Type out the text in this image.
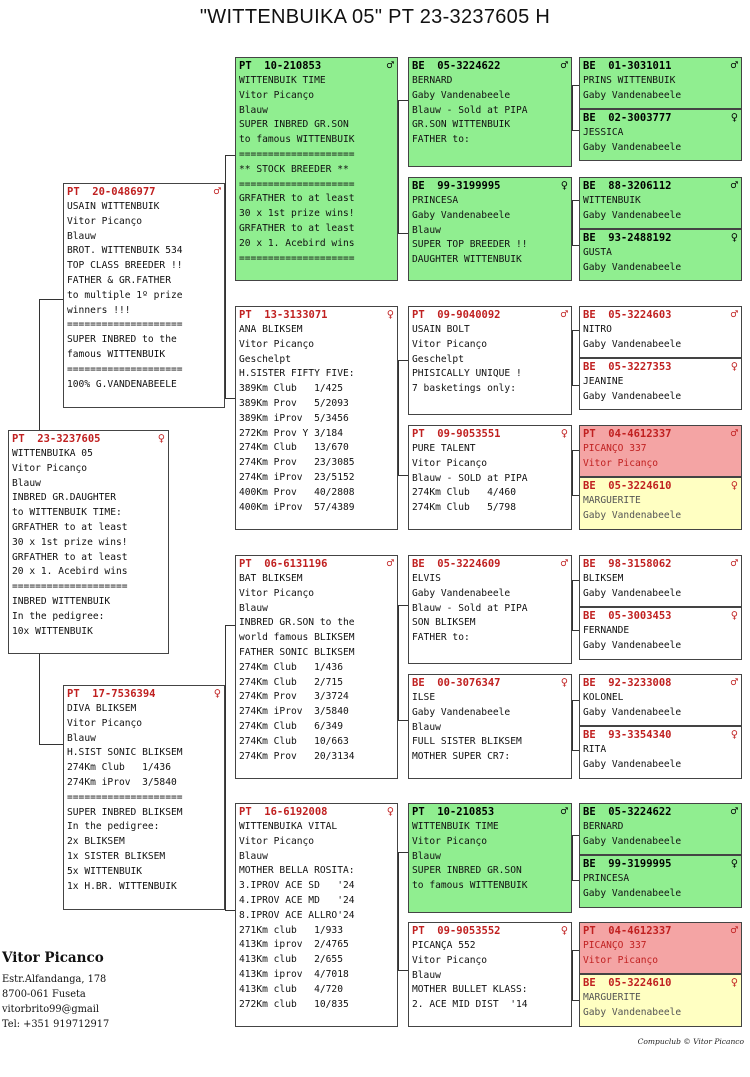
"WITTENBUIKA 05" PT 23-3237605 H
PT  23-3237605	♀
WITTENBUIKA 05
Vitor Picanço
Blauw
INBRED GR.DAUGHTER
to WITTENBUIK TIME:
GRFATHER to at least
30 x 1st prize wins!
GRFATHER to at least
20 x 1. Acebird wins
====================
INBRED WITTENBUIK
In the pedigree:
10x WITTENBUIK
PT  20-0486977	♂
USAIN WITTENBUIK
Vitor Picanço
Blauw
BROT. WITTENBUIK 534
TOP CLASS BREEDER !!
FATHER & GR.FATHER
to multiple 1º prize
winners !!!
====================
SUPER INBRED to the
famous WITTENBUIK
====================
100% G.VANDENABEELE
PT  17-7536394	♀
DIVA BLIKSEM
Vitor Picanço
Blauw
H.SIST SONIC BLIKSEM
274Km Club   1/436
274Km iProv  3/5840
====================
SUPER INBRED BLIKSEM
In the pedigree:
2x BLIKSEM
1x SISTER BLIKSEM
5x WITTENBUIK
1x H.BR. WITTENBUIK
PT  10-210853	♂
WITTENBUIK TIME
Vitor Picanço
Blauw
SUPER INBRED GR.SON
to famous WITTENBUIK
====================
** STOCK BREEDER **
====================
GRFATHER to at least
30 x 1st prize wins!
GRFATHER to at least
20 x 1. Acebird wins
====================
PT  13-3133071	♀
ANA BLIKSEM
Vitor Picanço
Geschelpt
H.SISTER FIFTY FIVE:
389Km Club   1/425
389Km Prov   5/2093
389Km iProv  5/3456
272Km Prov Y 3/184
274Km Club   13/670
274Km Prov   23/3085
274Km iProv  23/5152
400Km Prov   40/2808
400Km iProv  57/4389
PT  06-6131196	♂
BAT BLIKSEM
Vitor Picanço
Blauw
INBRED GR.SON to the
world famous BLIKSEM
FATHER SONIC BLIKSEM
274Km Club   1/436
274Km Club   2/715
274Km Prov   3/3724
274Km iProv  3/5840
274Km Club   6/349
274Km Club   10/663
274Km Prov   20/3134
PT  16-6192008	♀
WITTENBUIKA VITAL
Vitor Picanço
Blauw
MOTHER BELLA ROSITA:
3.IPROV ACE SD   '24
4.IPROV ACE MD   '24
8.IPROV ACE ALLRO'24
271Km club   1/933
413Km iprov  2/4765
413Km club   2/655
413Km iprov  4/7018
413Km club   4/720
272Km club   10/835
BE  05-3224622	♂
BERNARD
Gaby Vandenabeele
Blauw - Sold at PIPA
GR.SON WITTENBUIK
FATHER to:
BE  99-3199995	♀
PRINCESA
Gaby Vandenabeele
Blauw
SUPER TOP BREEDER !!
DAUGHTER WITTENBUIK
PT  09-9040092	♂
USAIN BOLT
Vitor Picanço
Geschelpt
PHISICALLY UNIQUE !
7 basketings only:
PT  09-9053551	♀
PURE TALENT
Vitor Picanço
Blauw - SOLD at PIPA
274Km Club   4/460
274Km Club   5/798
BE  05-3224609	♂
ELVIS
Gaby Vandenabeele
Blauw - Sold at PIPA
SON BLIKSEM
FATHER to:
BE  00-3076347	♀
ILSE
Gaby Vandenabeele
Blauw
FULL SISTER BLIKSEM
MOTHER SUPER CR7:
PT  10-210853	♂
WITTENBUIK TIME
Vitor Picanço
Blauw
SUPER INBRED GR.SON
to famous WITTENBUIK
PT  09-9053552	♀
PICANÇA 552
Vitor Picanço
Blauw
MOTHER BULLET KLASS:
2. ACE MID DIST  '14
BE  01-3031011	♂
PRINS WITTENBUIK
Gaby Vandenabeele
BE  02-3003777	♀
JESSICA
Gaby Vandenabeele
BE  88-3206112	♂
WITTENBUIK
Gaby Vandenabeele
BE  93-2488192	♀
GUSTA
Gaby Vandenabeele
BE  05-3224603	♂
NITRO
Gaby Vandenabeele
BE  05-3227353	♀
JEANINE
Gaby Vandenabeele
PT  04-4612337	♂
PICANÇO 337
Vitor Picanço
BE  05-3224610	♀
MARGUERITE
Gaby Vandenabeele
BE  98-3158062	♂
BLIKSEM
Gaby Vandenabeele
BE  05-3003453	♀
FERNANDE
Gaby Vandenabeele
BE  92-3233008	♂
KOLONEL
Gaby Vandenabeele
BE  93-3354340	♀
RITA
Gaby Vandenabeele
BE  05-3224622	♂
BERNARD
Gaby Vandenabeele
BE  99-3199995	♀
PRINCESA
Gaby Vandenabeele
PT  04-4612337	♂
PICANÇO 337
Vitor Picanço
BE  05-3224610	♀
MARGUERITE
Gaby Vandenabeele
Vitor Picanco
Estr.Alfandanga, 178
8700-061 Fuseta
vitorbrito99@gmail
Tel: +351 919712917
Compuclub © Vitor Picanco
